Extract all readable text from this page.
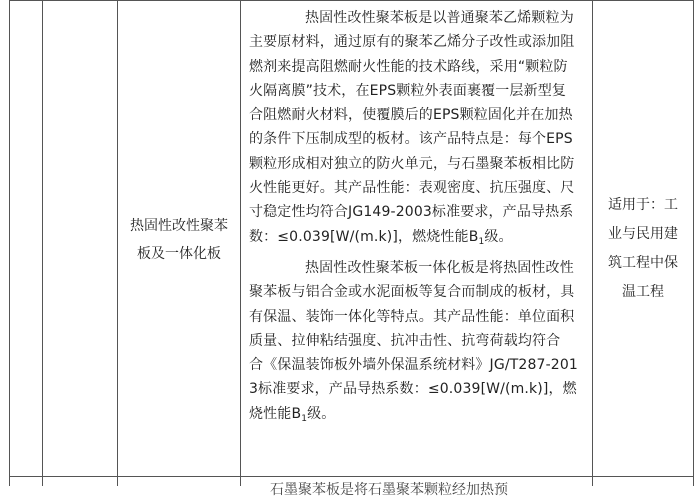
热固性改性聚苯
板及一体化板

热固性改性聚苯板是以普通聚苯乙烯颗粒为
主要原材料，通过原有的聚苯乙烯分子改性或添加阻
燃剂来提高阻燃耐火性能的技术路线，采用“颗粒防
火隔离膜”技术，在EPS颗粒外表面裹覆一层新型复
合阻燃耐火材料，使覆膜后的EPS颗粒固化并在加热
的条件下压制成型的板材。该产品特点是：每个EPS
颗粒形成相对独立的防火单元，与石墨聚苯板相比防
火性能更好。其产品性能：表观密度、抗压强度、尺
寸稳定性均符合JG149-2003标准要求，产品导热系
数：≤0.039[W/(m.k)]，燃烧性能$B_1$级。

热固性改性聚苯板一体化板是将热固性改性
聚苯板与铝合金或水泥面板等复合而制成的板材，具
有保温、装饰一体化等特点。其产品性能：单位面积
质量、拉伸粘结强度、抗冲击性、抗弯荷载均符合
合《保温装饰板外墙外保温系统材料》JG/T287-201
3标准要求，产品导热系数：≤0.039[W/(m.k)]，燃
烧性能$B_1$级。

适用于：工
业与民用建
筑工程中保
温工程
石墨聚苯板是将石墨聚苯颗粒经加热预
